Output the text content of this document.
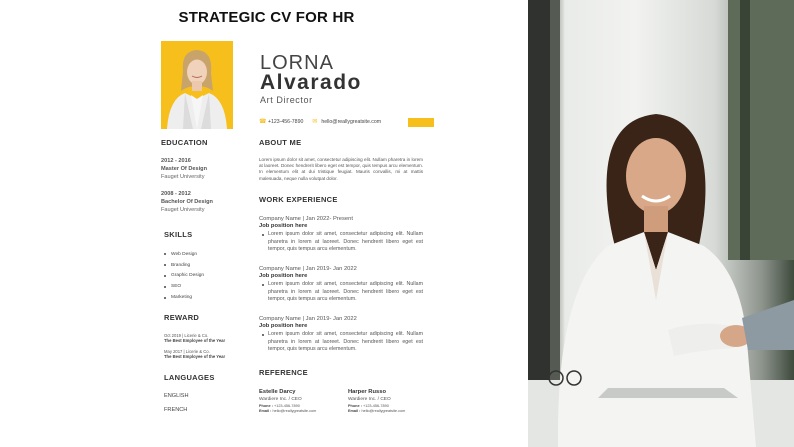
STRATEGIC CV FOR HR
LORNA
Alvarado
Art Director
☎ +123-456-7890 ✉ hello@reallygreatsite.com
EDUCATION
2012 - 2016
Master Of Design
Fauget University
2008 - 2012
Bachelor Of Design
Fauget University
SKILLS
Web Design
Branding
Graphic Design
SEO
Marketing
REWARD
Oct 2019 | Licerie & Co.
The Best Employee of the Year
May 2017 | Licerie & Co.
The Best Employee of the Year
LANGUAGES
ENGLISH
FRENCH
ABOUT ME
Lorem ipsum dolor sit amet, consectetur adipiscing elit. Nullam pharetra in lorem at laoreet. Donec hendrerit libero eget est tempor, quis tempus arcu elementum. In elementum elit at dui tristique feugiat. Mauris convallis, mi at mattis malesuada, neque nulla volutpat dolor.
WORK EXPERIENCE
Company Name | Jan 2022- Present
Job position here
Lorem ipsum dolor sit amet, consectetur adipiscing elit. Nullam pharetra in lorem at laoreet. Donec hendrerit libero eget est tempor, quis tempus arcu elementum.
Company Name | Jan 2019- Jan 2022
Job position here
Lorem ipsum dolor sit amet, consectetur adipiscing elit. Nullam pharetra in lorem at laoreet. Donec hendrerit libero eget est tempor, quis tempus arcu elementum.
Company Name | Jan 2019- Jan 2022
Job position here
Lorem ipsum dolor sit amet, consectetur adipiscing elit. Nullam pharetra in lorem at laoreet. Donec hendrerit libero eget est tempor, quis tempus arcu elementum.
REFERENCE
Estelle Darcy
Wardiere Inc. / CEO
Phone : +123-456-7890
Email : hello@reallygreatsite.com
Harper Russo
Wardiere Inc. / CEO
Phone : +123-456-7890
Email : hello@reallygreatsite.com
